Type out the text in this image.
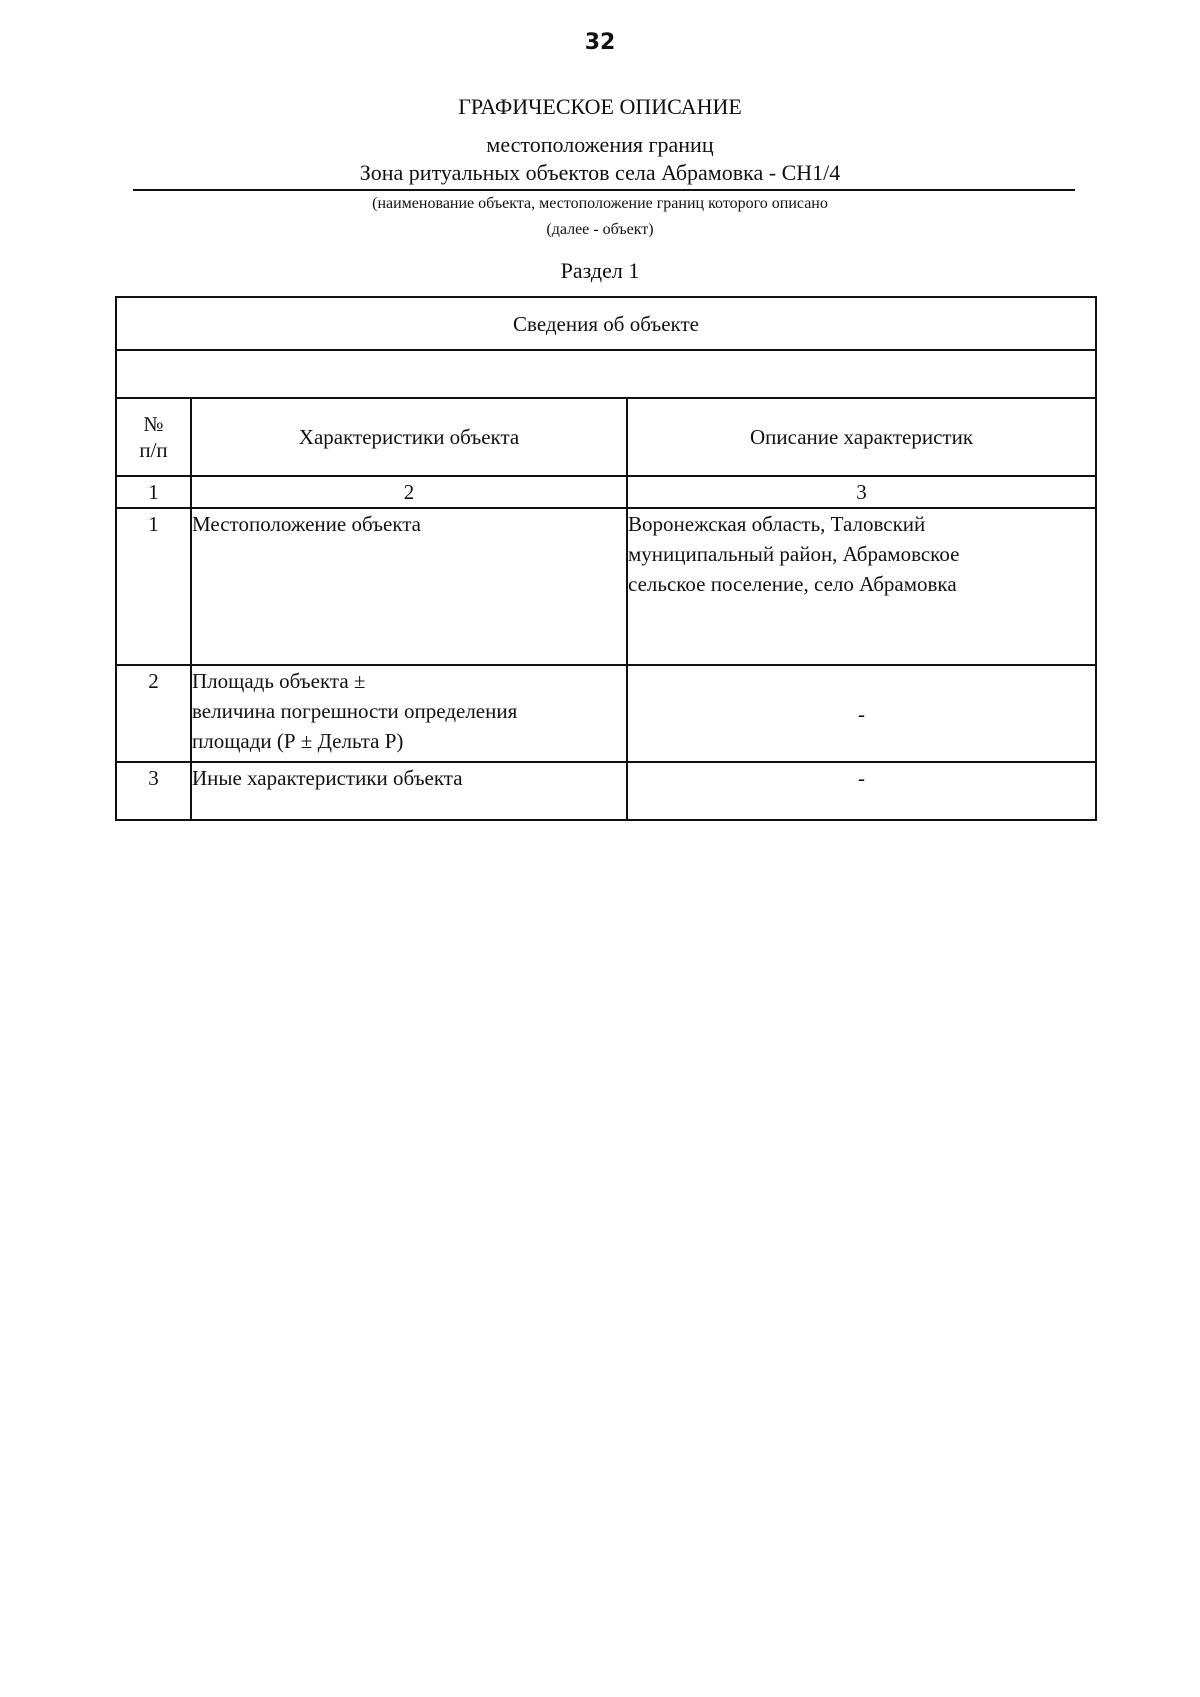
32
ГРАФИЧЕСКОЕ ОПИСАНИЕ
местоположения границ
Зона ритуальных объектов села Абрамовка - СН1/4
(наименование объекта, местоположение границ которого описано
(далее - объект)
Раздел 1
Сведения об объекте		

№
п/п	Характеристики объекта	Описание характеристик
1	2	3
1	Местоположение объекта	Воронежская область, Таловский
муниципальный район, Абрамовское
сельское поселение, село Абрамовка

2	Площадь объекта ±
величина погрешности определения
площади (Р ± Дельта Р)	-
3	Иные характеристики объекта	-
